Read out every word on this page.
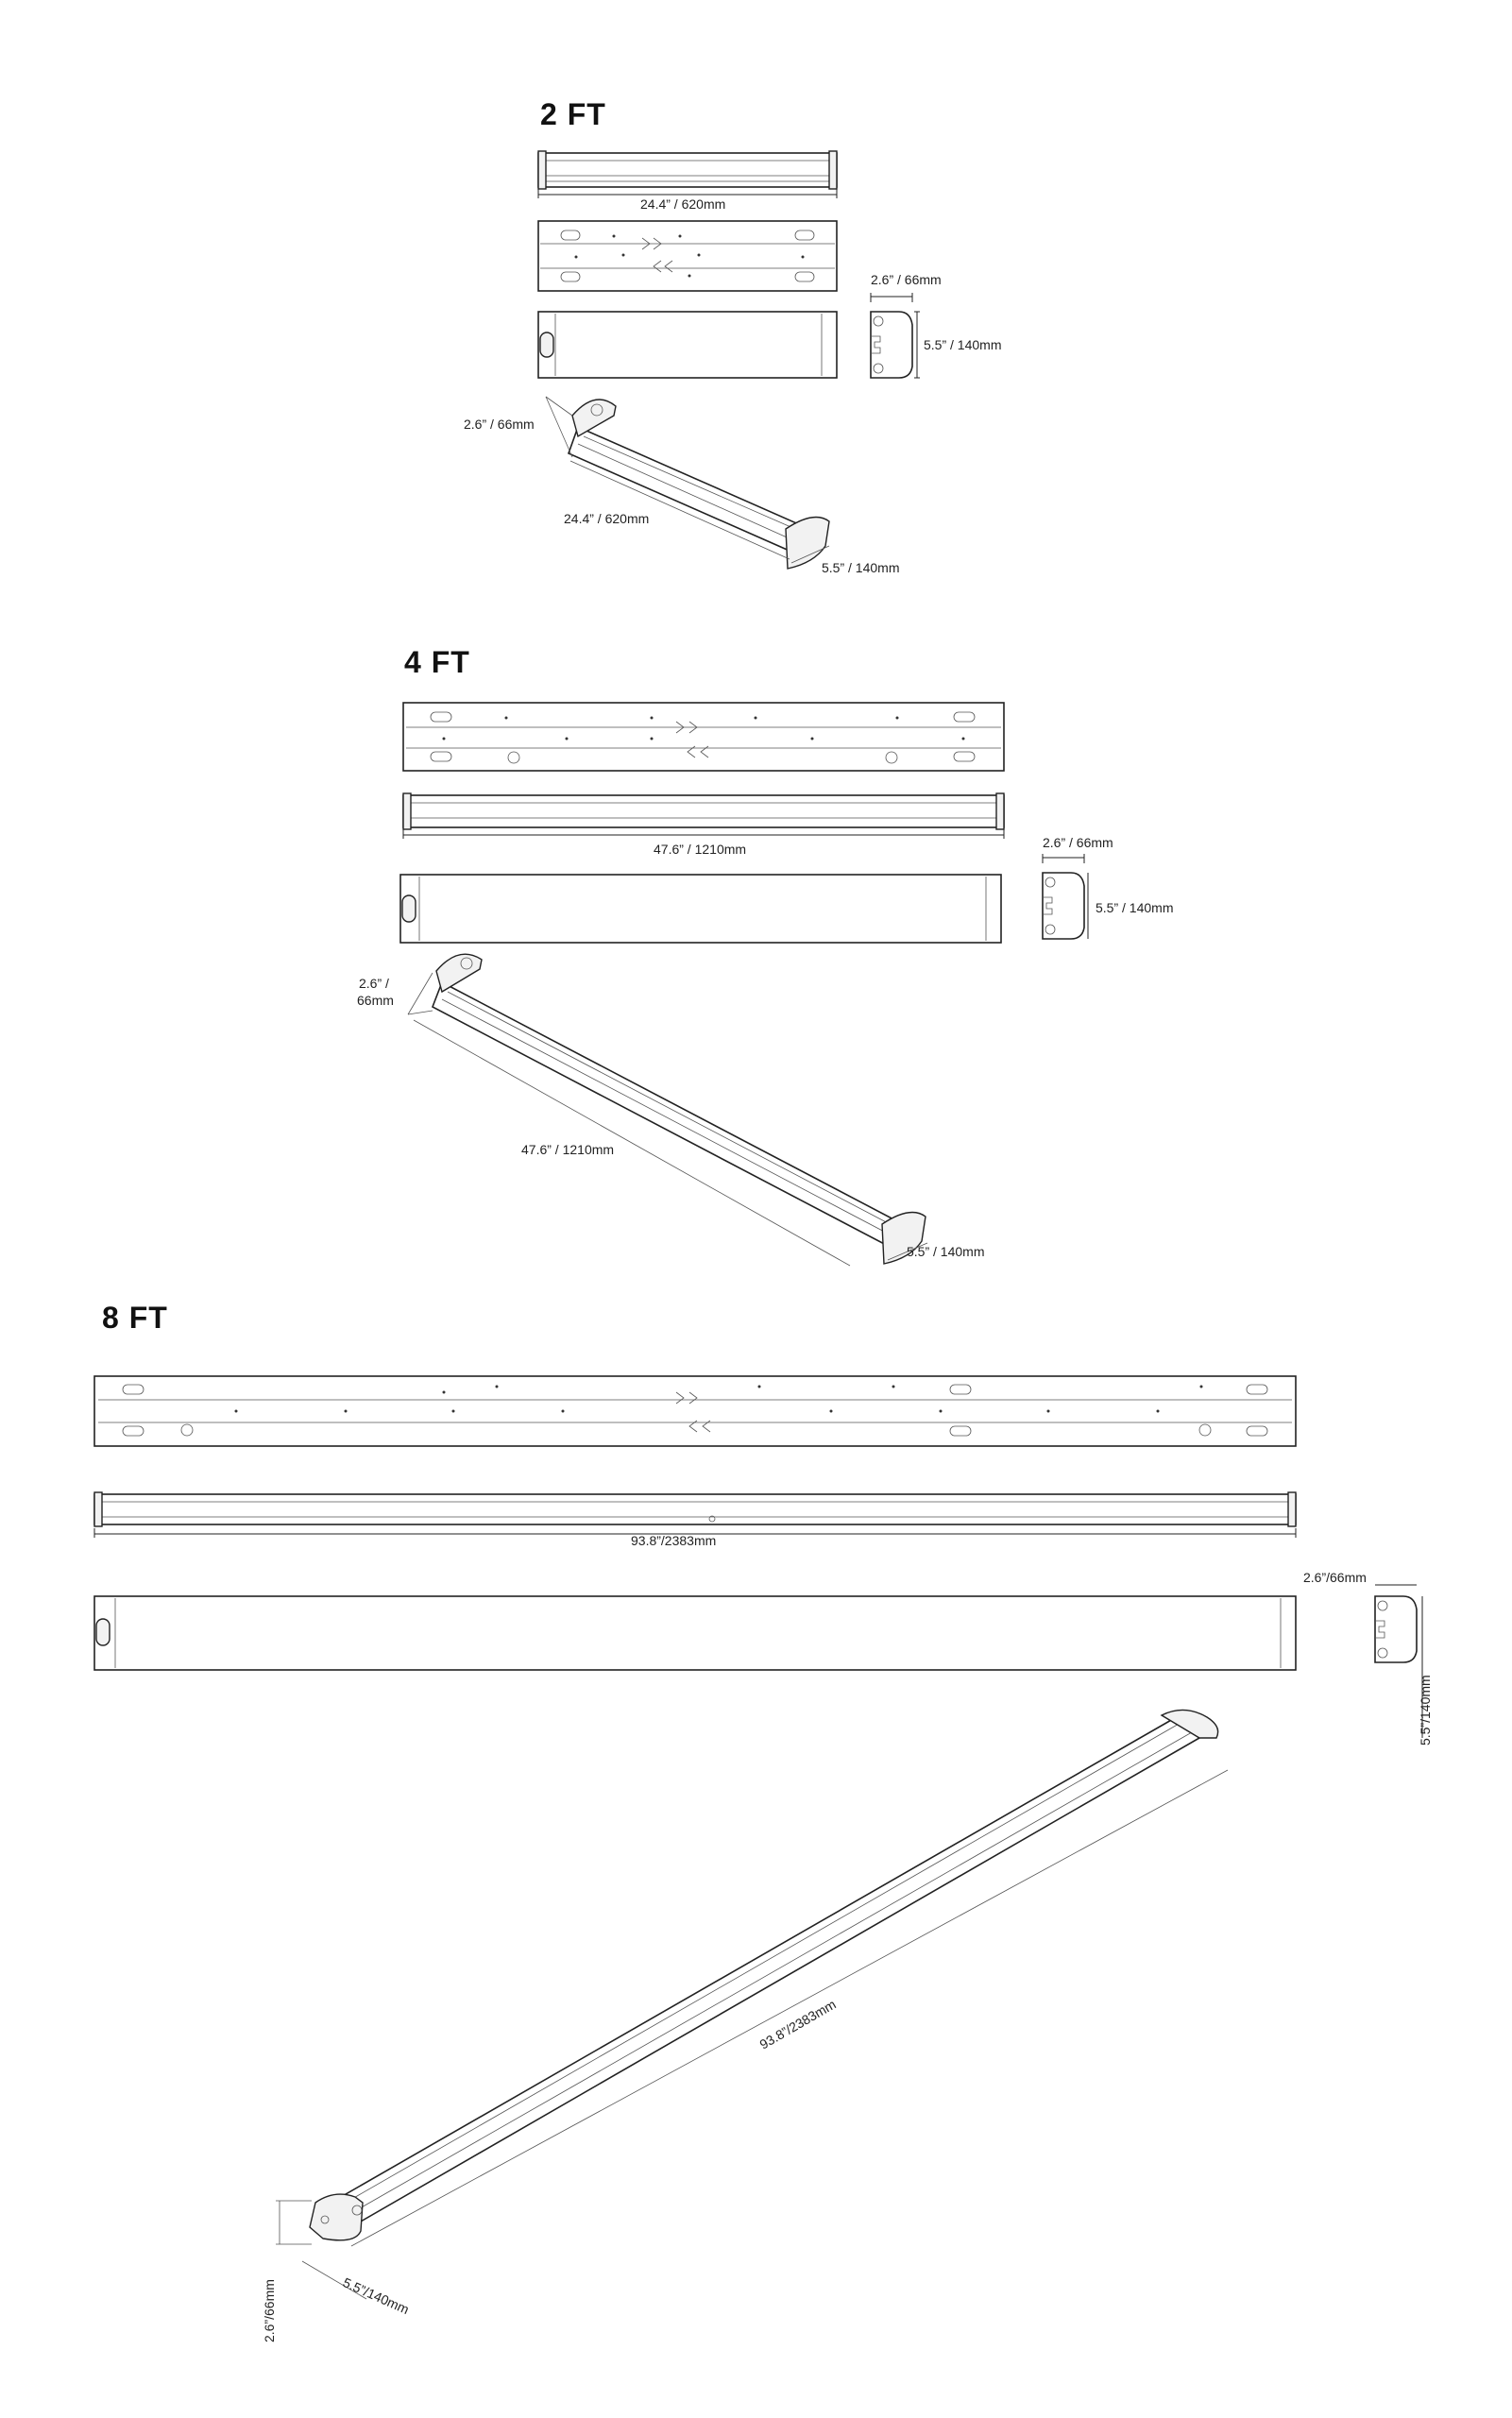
2 FT
24.4” / 620mm
2.6” / 66mm
5.5” / 140mm
2.6” / 66mm
24.4” / 620mm
5.5” / 140mm
4 FT
47.6” / 1210mm	2.6” / 66mm
5.5” / 140mm
2.6” /
66mm
47.6” / 1210mm
5.5” / 140mm
8 FT
93.8”/2383mm
2.6”/66mm
5.5”/140mm
93.8”/2383mm
2.6”/66mm	5.5”/140mm
